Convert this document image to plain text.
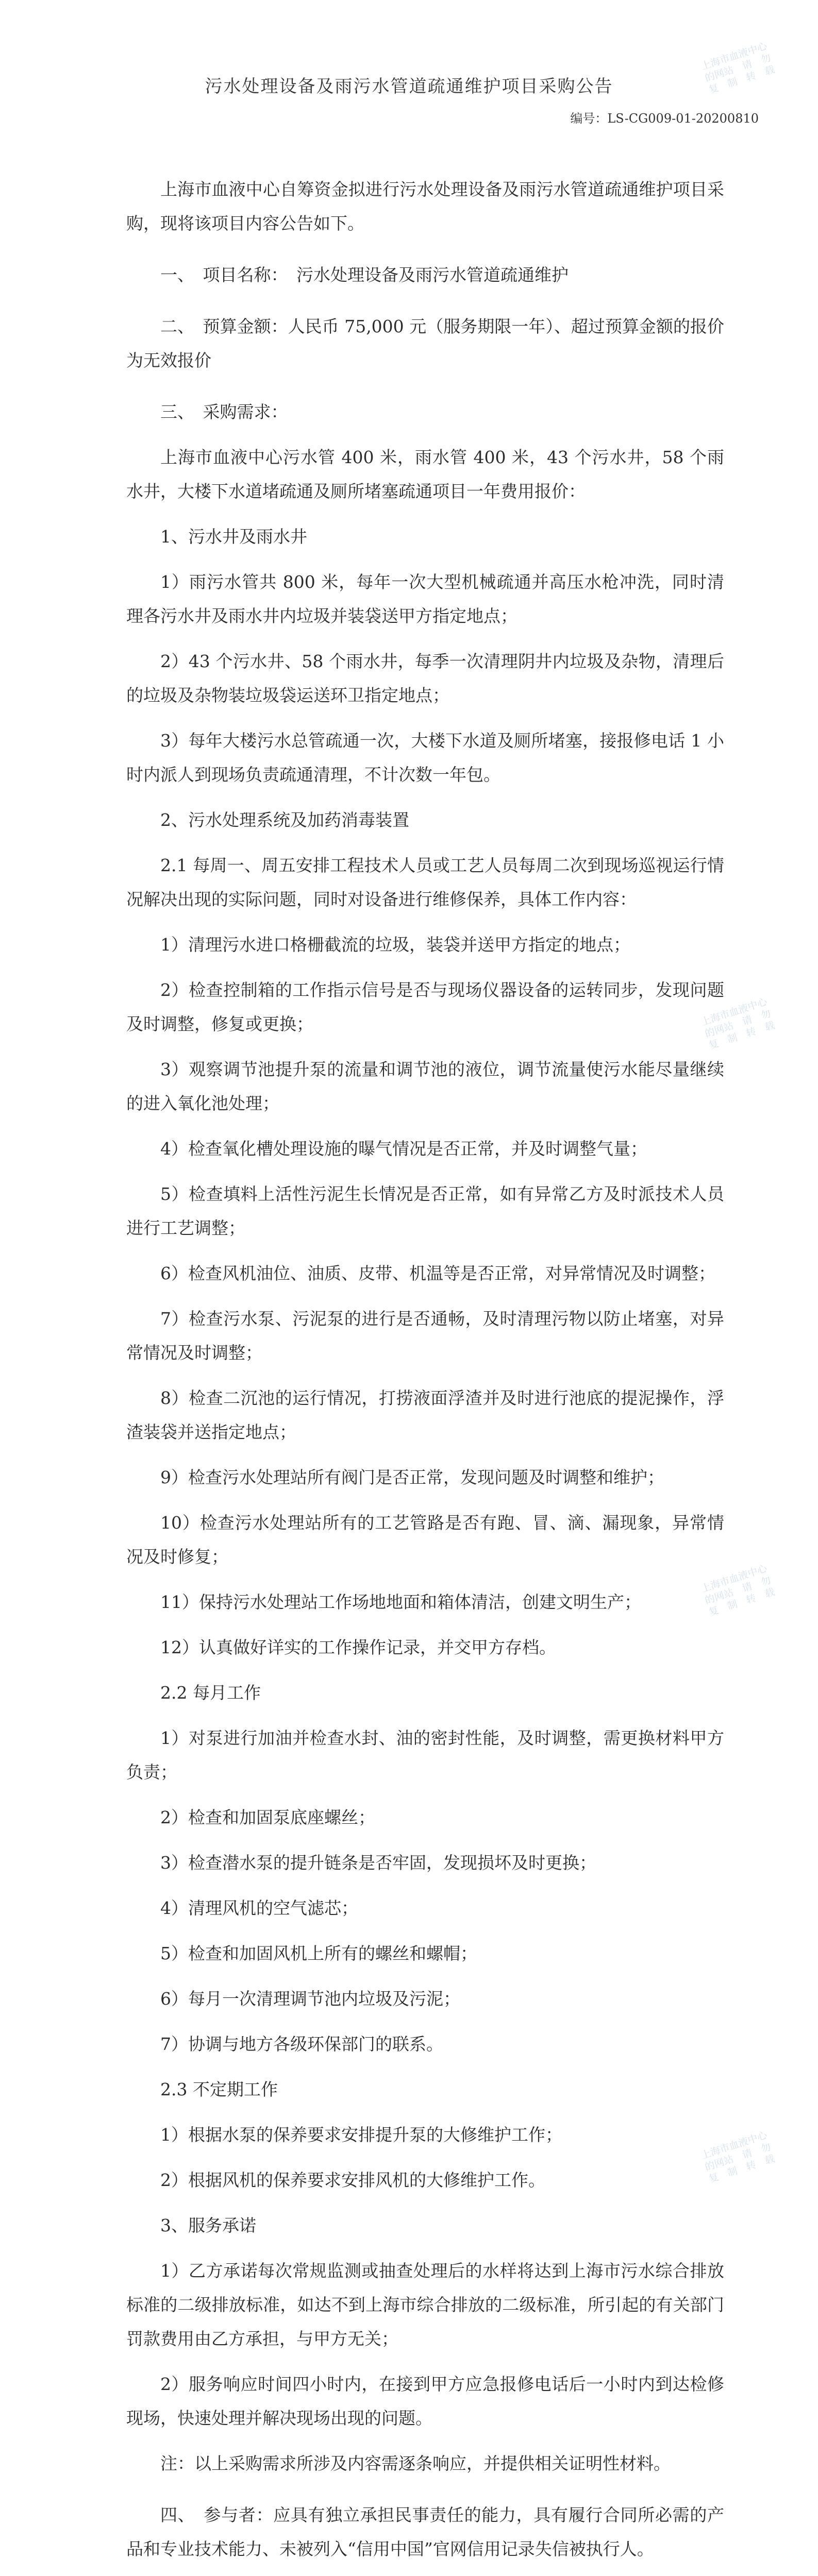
污水处理设备及雨污水管道疏通维护项目采购公告
编号：LS-CG009-01-20200810

上海市血液中心自筹资金拟进行污水处理设备及雨污水管道疏通维护项目采购，现将该项目内容公告如下。

一、　项目名称：　污水处理设备及雨污水管道疏通维护

二、　预算金额：人民币 75,000 元（服务期限一年）、超过预算金额的报价为无效报价

三、　采购需求：

上海市血液中心污水管 400 米，雨水管 400 米，43 个污水井，58 个雨水井，大楼下水道堵疏通及厕所堵塞疏通项目一年费用报价：

1、污水井及雨水井

1）雨污水管共 800 米，每年一次大型机械疏通并高压水枪冲洗，同时清理各污水井及雨水井内垃圾并装袋送甲方指定地点；

2）43 个污水井、58 个雨水井，每季一次清理阴井内垃圾及杂物，清理后的垃圾及杂物装垃圾袋运送环卫指定地点；

3）每年大楼污水总管疏通一次，大楼下水道及厕所堵塞，接报修电话 1 小时内派人到现场负责疏通清理，不计次数一年包。

2、污水处理系统及加药消毒装置

2.1 每周一、周五安排工程技术人员或工艺人员每周二次到现场巡视运行情况解决出现的实际问题，同时对设备进行维修保养，具体工作内容：

1）清理污水进口格栅截流的垃圾，装袋并送甲方指定的地点；

2）检查控制箱的工作指示信号是否与现场仪器设备的运转同步，发现问题及时调整，修复或更换；

3）观察调节池提升泵的流量和调节池的液位，调节流量使污水能尽量继续的进入氧化池处理；

4）检查氧化槽处理设施的曝气情况是否正常，并及时调整气量；

5）检查填料上活性污泥生长情况是否正常，如有异常乙方及时派技术人员进行工艺调整；

6）检查风机油位、油质、皮带、机温等是否正常，对异常情况及时调整；

7）检查污水泵、污泥泵的进行是否通畅，及时清理污物以防止堵塞，对异常情况及时调整；

8）检查二沉池的运行情况，打捞液面浮渣并及时进行池底的提泥操作，浮渣装袋并送指定地点；

9）检查污水处理站所有阀门是否正常，发现问题及时调整和维护；

10）检查污水处理站所有的工艺管路是否有跑、冒、滴、漏现象，异常情况及时修复；

11）保持污水处理站工作场地地面和箱体清洁，创建文明生产；

12）认真做好详实的工作操作记录，并交甲方存档。

2.2 每月工作

1）对泵进行加油并检查水封、油的密封性能，及时调整，需更换材料甲方负责；

2）检查和加固泵底座螺丝；

3）检查潜水泵的提升链条是否牢固，发现损坏及时更换；

4）清理风机的空气滤芯；

5）检查和加固风机上所有的螺丝和螺帽；

6）每月一次清理调节池内垃圾及污泥；

7）协调与地方各级环保部门的联系。

2.3 不定期工作

1）根据水泵的保养要求安排提升泵的大修维护工作；

2）根据风机的保养要求安排风机的大修维护工作。

3、服务承诺

1）乙方承诺每次常规监测或抽查处理后的水样将达到上海市污水综合排放标准的二级排放标准，如达不到上海市综合排放的二级标准，所引起的有关部门罚款费用由乙方承担，与甲方无关；

2）服务响应时间四小时内，在接到甲方应急报修电话后一小时内到达检修现场，快速处理并解决现场出现的问题。

注：以上采购需求所涉及内容需逐条响应，并提供相关证明性材料。

四、　参与者：应具有独立承担民事责任的能力，具有履行合同所必需的产品和专业技术能力、未被列入“信用中国”官网信用记录失信被执行人。

上海市血液中心的网站　请　勿　复　制　转　载
上海市血液中心的网站　请　勿　复　制　转　载
上海市血液中心的网站　请　勿　复　制　转　载
上海市血液中心的网站　请　勿　复　制　转　载
